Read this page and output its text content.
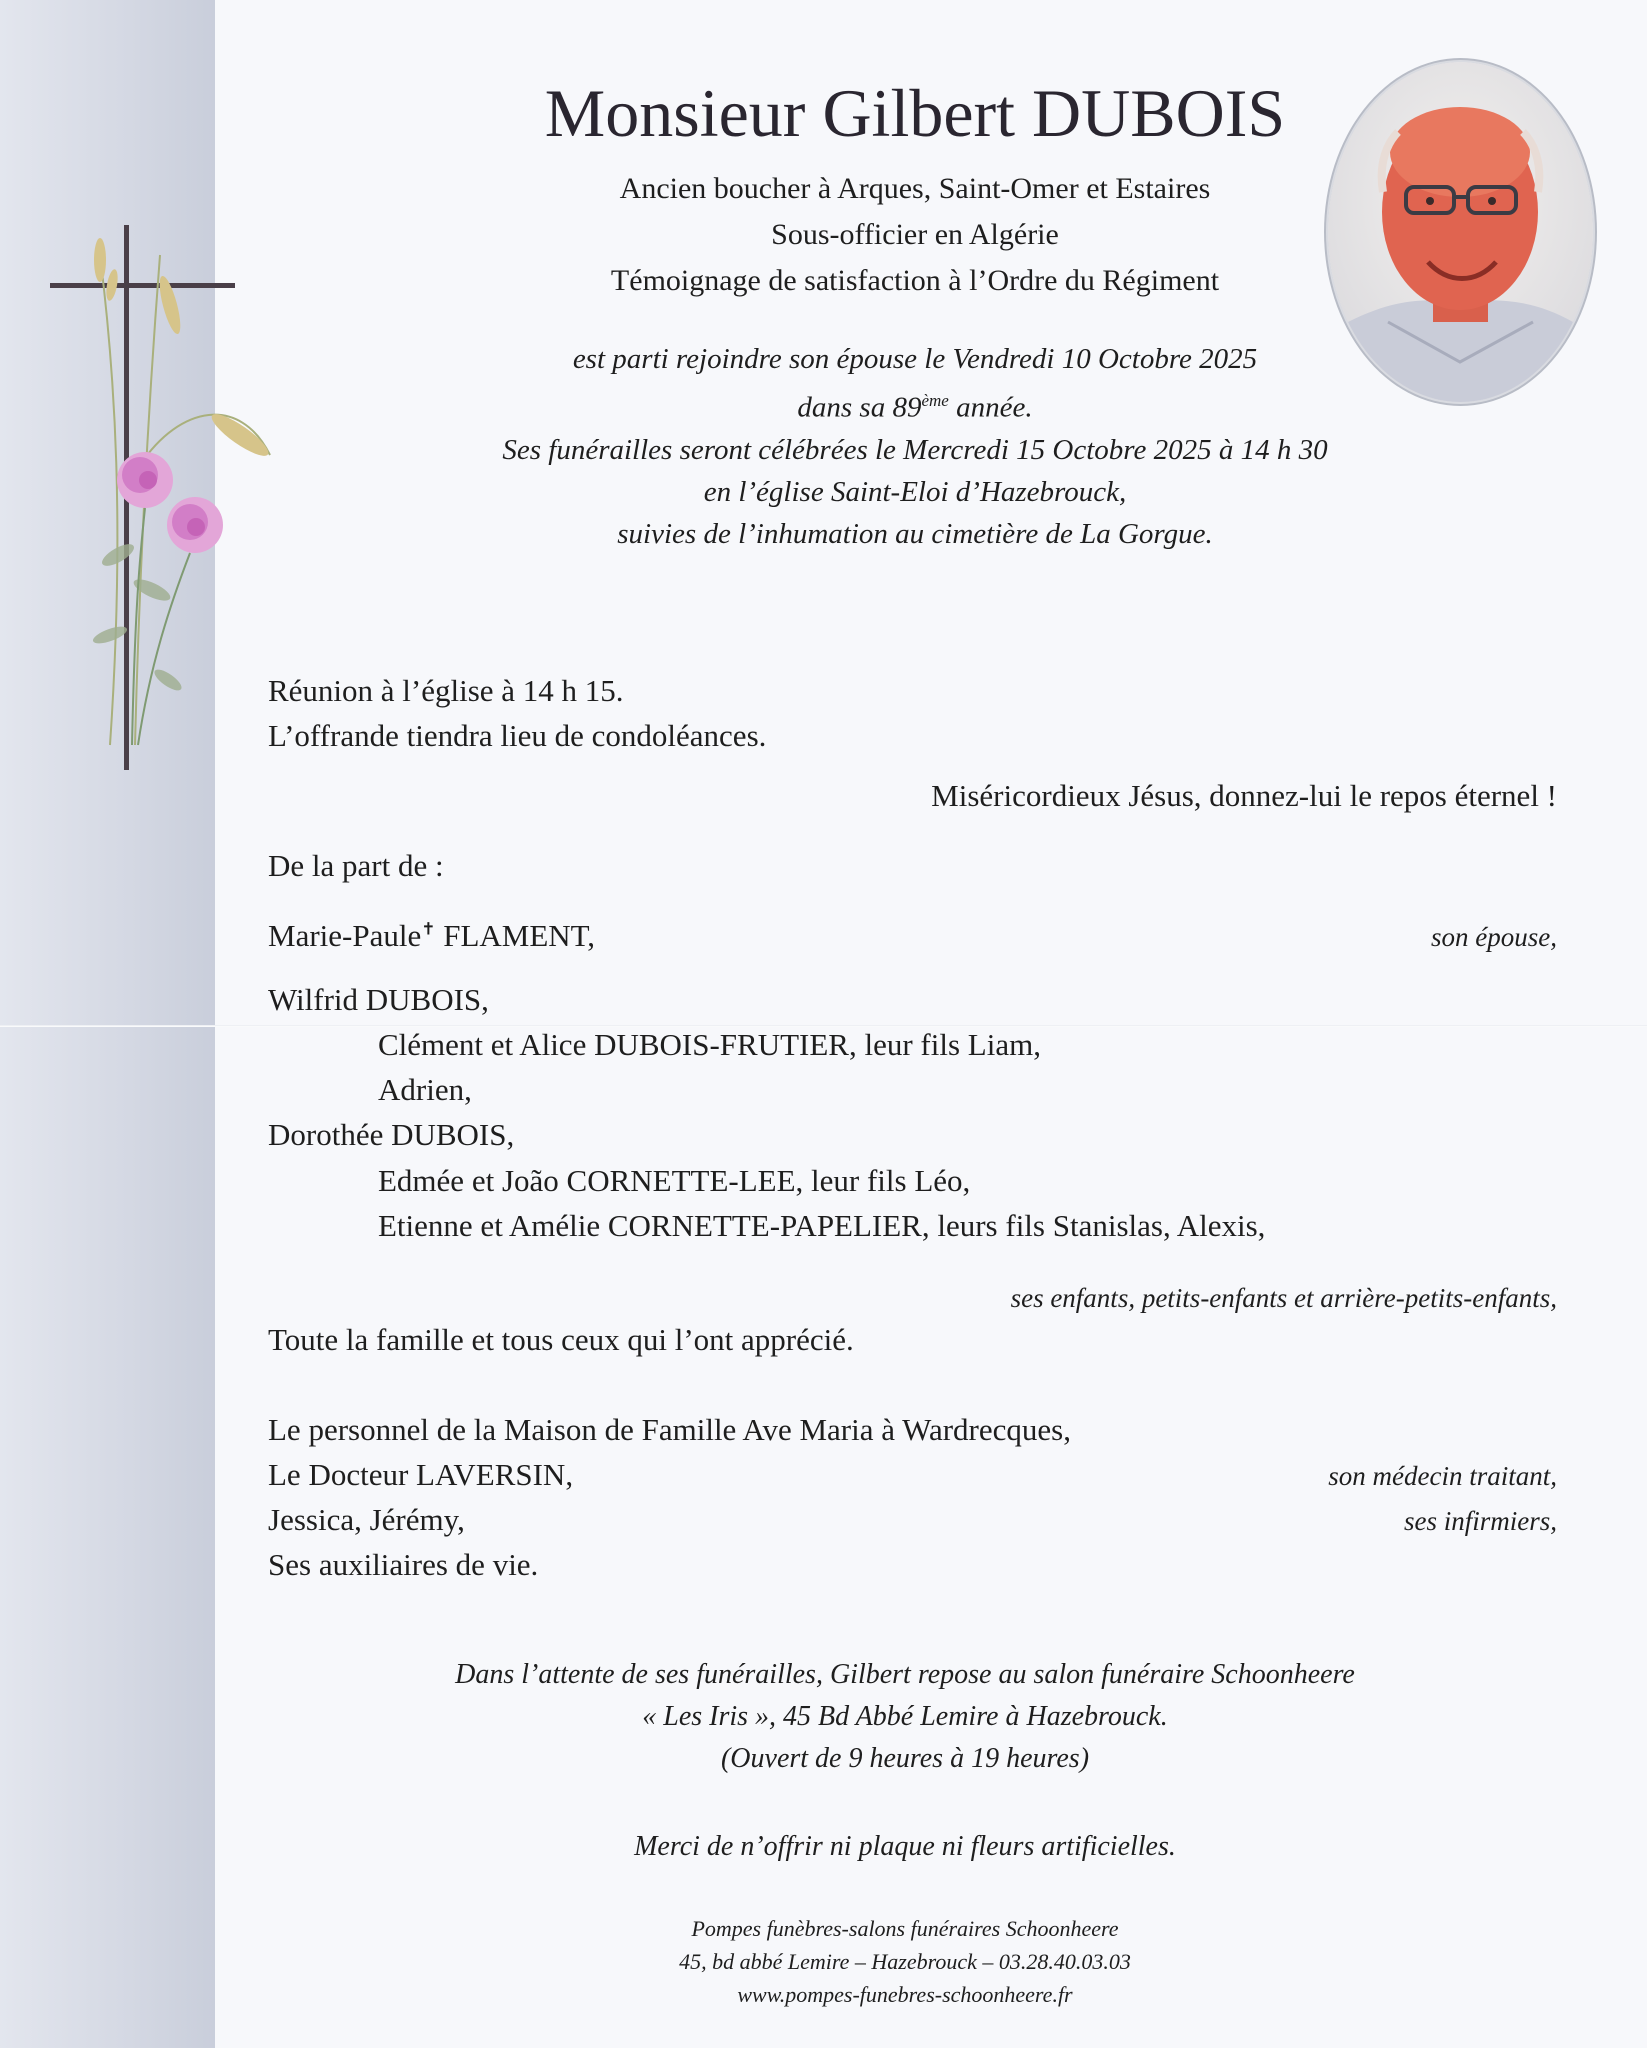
Monsieur Gilbert DUBOIS
Ancien boucher à Arques, Saint-Omer et Estaires
Sous-officier en Algérie
Témoignage de satisfaction à l’Ordre du Régiment
est parti rejoindre son épouse le Vendredi 10 Octobre 2025
dans sa 89ème année.
Ses funérailles seront célébrées le Mercredi 15 Octobre 2025 à 14 h 30
en l’église Saint-Eloi d’Hazebrouck,
suivies de l’inhumation au cimetière de La Gorgue.
Réunion à l’église à 14 h 15.
L’offrande tiendra lieu de condoléances.
Miséricordieux Jésus, donnez-lui le repos éternel !
De la part de :
Marie-Paule✝ FLAMENT,	son épouse,
Wilfrid DUBOIS,
Clément et Alice DUBOIS-FRUTIER, leur fils Liam,
Adrien,
Dorothée DUBOIS,
Edmée et João CORNETTE-LEE, leur fils Léo,
Etienne et Amélie CORNETTE-PAPELIER, leurs fils Stanislas, Alexis,
ses enfants, petits-enfants et arrière-petits-enfants,
Toute la famille et tous ceux qui l’ont apprécié.
Le personnel de la Maison de Famille Ave Maria à Wardrecques,
Le Docteur LAVERSIN,	son médecin traitant,
Jessica, Jérémy,	ses infirmiers,
Ses auxiliaires de vie.
Dans l’attente de ses funérailles, Gilbert repose au salon funéraire Schoonheere
« Les Iris », 45 Bd Abbé Lemire à Hazebrouck.
(Ouvert de 9 heures à 19 heures)
Merci de n’offrir ni plaque ni fleurs artificielles.
Pompes funèbres-salons funéraires Schoonheere
45, bd abbé Lemire – Hazebrouck – 03.28.40.03.03
www.pompes-funebres-schoonheere.fr
